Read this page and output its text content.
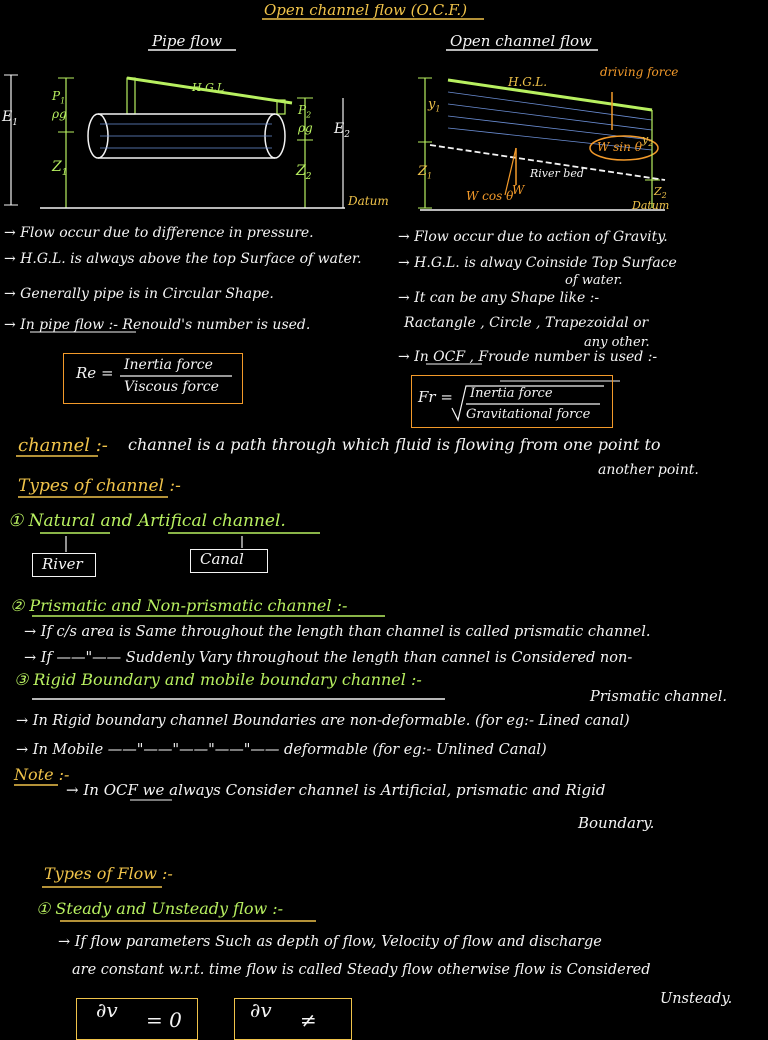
Open channel flow (O.C.F.)
Pipe flow	Open channel flow
$E_1$
$P_1$
ρg
$Z_1$
H.G.L
$P_2$
ρg
$Z_2$
$E_2$
Datum
H.G.L.
driving force
$y_1$
$Z_1$
W sin θ
River bed
W
W cos θ
$y_2$
$Z_2$
Datum
→ Flow occur due to difference in pressure.
→ H.G.L. is always above the top Surface of water.
→ Generally pipe is in Circular Shape.
→ In pipe flow :- Renould's number is used.
Re = Inertia force
Viscous force
→ Flow occur due to action of Gravity.
→ H.G.L. is alway Coinside Top Surface
of water.
→ It can be any Shape like :-
Ractangle , Circle , Trapezoidal or
any other.
→ In OCF , Froude number is used :-
Fr = Inertia force
Gravitational force
channel :- channel is a path through which fluid is flowing from one point to
another point.
Types of channel :-
① Natural and Artifical channel.
River	Canal
② Prismatic and Non-prismatic channel :-
→ If c/s area is Same throughout the length than channel is called prismatic channel.
→ If ——"—— Suddenly Vary throughout the length than cannel is Considered non-
Prismatic channel.
③ Rigid Boundary and mobile boundary channel :-
→ In Rigid boundary channel Boundaries are non-deformable. (for eg:- Lined canal)
→ In Mobile ——"——"——"——"—— deformable (for eg:- Unlined Canal)
Note :-
→ In OCF we always Consider channel is Artificial, prismatic and Rigid
Boundary.
Types of Flow :-
① Steady and Unsteady flow :-
→ If flow parameters Such as depth of flow, Velocity of flow and discharge
are constant w.r.t. time flow is called Steady flow otherwise flow is Considered
Unsteady.
∂v = 0	∂v ≠
